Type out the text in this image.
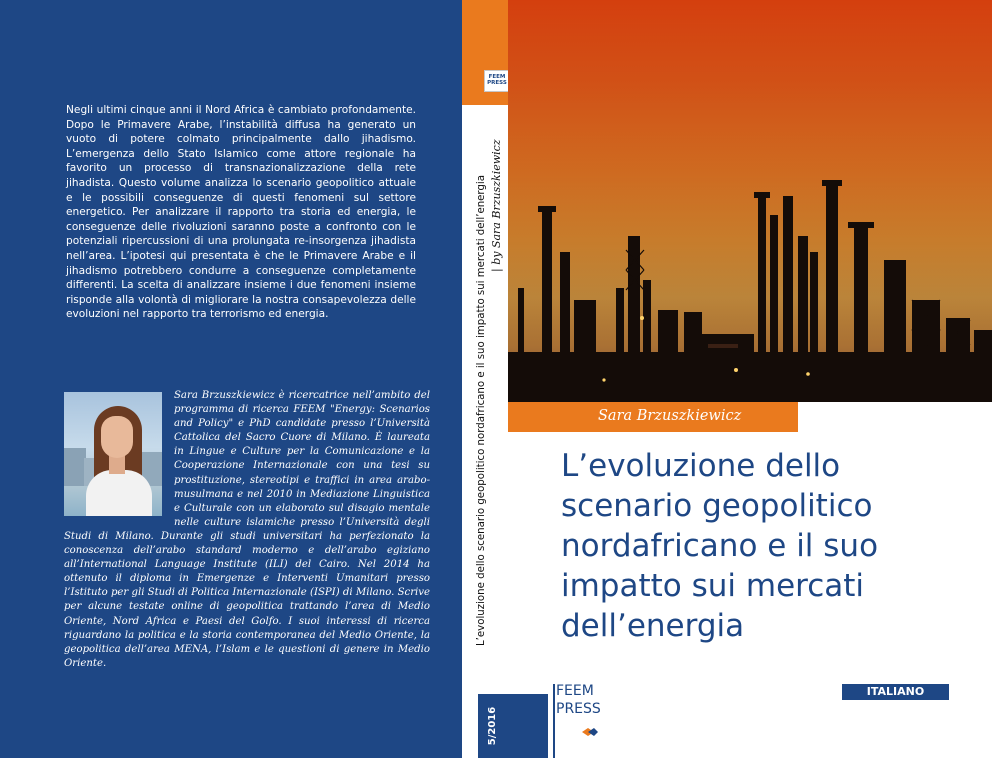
Negli ultimi cinque anni il Nord Africa è cambiato profondamente. Dopo le Primavere Arabe, l’instabilità diffusa ha generato un vuoto di potere colmato principalmente dallo jihadismo. L’emergenza dello Stato Islamico come attore regionale ha favorito un processo di transnazionalizzazione della rete jihadista. Questo volume analizza lo scenario geopolitico attuale e le possibili conseguenze di questi fenomeni sul settore energetico. Per analizzare il rapporto tra storia ed energia, le conseguenze delle rivoluzioni saranno poste a confronto con le potenziali ripercussioni di una prolungata re-insorgenza jihadista nell’area. L’ipotesi qui presentata è che le Primavere Arabe e il jihadismo potrebbero condurre a conseguenze completamente differenti. La scelta di analizzare insieme i due fenomeni insieme risponde alla volontà di migliorare la nostra consapevolezza delle evoluzioni nel rapporto tra terrorismo ed energia.
Sara Brzuszkiewicz è ricercatrice nell’ambito del programma di ricerca FEEM "Energy: Scenarios and Policy" e PhD candidate presso l’Università Cattolica del Sacro Cuore di Milano. È laureata in Lingue e Culture per la Comunicazione e la Cooperazione Internazionale con una tesi su prostituzione, stereotipi e traffici in area arabo-musulmana e nel 2010 in Mediazione Linguistica e Culturale con un elaborato sul disagio mentale nelle culture islamiche presso l’Università degli Studi di Milano. Durante gli studi universitari ha perfezionato la conoscenza dell’arabo standard moderno e dell’arabo egiziano all’International Language Institute (ILI) del Cairo. Nel 2014 ha ottenuto il diploma in Emergenze e Interventi Umanitari presso l’Istituto per gli Studi di Politica Internazionale (ISPI) di Milano. Scrive per alcune testate online di geopolitica trattando l’area di Medio Oriente, Nord Africa e Paesi del Golfo. I suoi interessi di ricerca riguardano la politica e la storia contemporanea del Medio Oriente, la geopolitica dell’area MENA, l’Islam e le questioni di genere in Medio Oriente.
L’evoluzione dello scenario geopolitico nordafricano e il suo impatto sui mercati dell’energia | by Sara Brzuszkiewicz
5/2016
FEEM
PRESS
Sara Brzuszkiewicz
L’evoluzione dello
scenario geopolitico
nordafricano e il suo
impatto sui mercati
dell’energia
ITALIANO
FEEM
PRESS
